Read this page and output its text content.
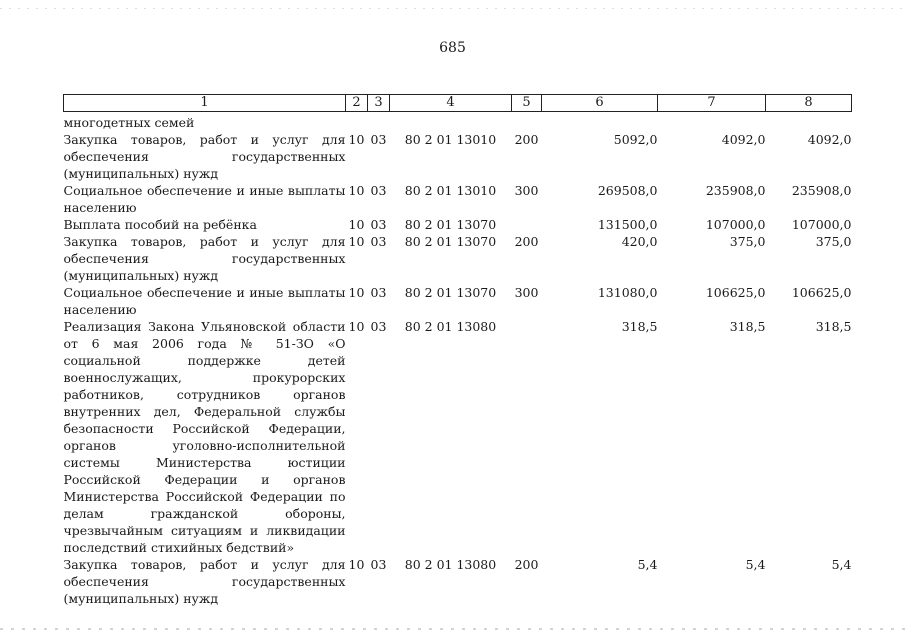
685
1	2	3	4	5	6	7	8
многодетных семей							
Закупка товаров, работ и услуг для обеспечения государственных (муниципальных) нужд	10	03	80 2 01 13010	200	5092,0	4092,0	4092,0
Социальное обеспечение и иные выплаты населению	10	03	80 2 01 13010	300	269508,0	235908,0	235908,0
Выплата пособий на ребёнка	10	03	80 2 01 13070		131500,0	107000,0	107000,0
Закупка товаров, работ и услуг для обеспечения государственных (муниципальных) нужд	10	03	80 2 01 13070	200	420,0	375,0	375,0
Социальное обеспечение и иные выплаты населению	10	03	80 2 01 13070	300	131080,0	106625,0	106625,0
Реализация Закона Ульяновской области от 6 мая 2006 года № 51-ЗО «О социальной поддержке детей военнослужащих, прокурорских работников, сотрудников органов внутренних дел, Федеральной службы безопасности Российской Федерации, органов уголовно-исполнительной системы Министерства юстиции Российской Федерации и органов Министерства Российской Федерации по делам гражданской обороны, чрезвычайным ситуациям и ликвидации последствий стихийных бедствий»	10	03	80 2 01 13080		318,5	318,5	318,5
Закупка товаров, работ и услуг для обеспечения государственных (муниципальных) нужд	10	03	80 2 01 13080	200	5,4	5,4	5,4
